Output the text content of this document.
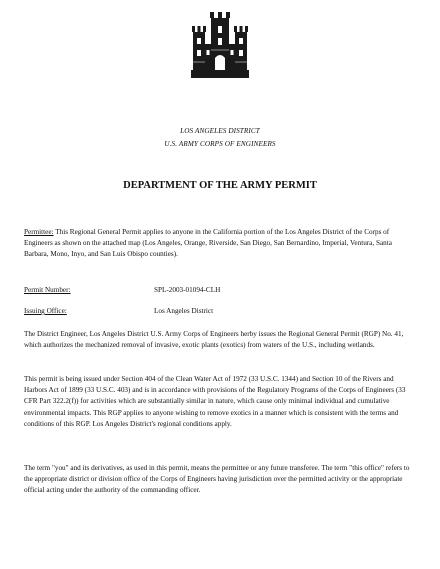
LOS ANGELES DISTRICT
U.S. ARMY CORPS OF ENGINEERS
DEPARTMENT OF THE ARMY PERMIT

Permittee: This Regional General Permit applies to anyone in the California portion of the Los Angeles District of the Corps of Engineers as shown on the attached map (Los Angeles, Orange, Riverside, San Diego, San Bernardino, Imperial, Ventura, Santa Barbara, Mono, Inyo, and San Luis Obispo counties).

Permit Number:	SPL-2003-01094-CLH
Issuing Office:	Los Angeles District

The District Engineer, Los Angeles District U.S. Army Corps of Engineers herby issues the Regional General Permit (RGP) No. 41, which authorizes the mechanized removal of invasive, exotic plants (exotics) from waters of the U.S., including wetlands.

This permit is being issued under Section 404 of the Clean Water Act of 1972 (33 U.S.C. 1344) and Section 10 of the Rivers and Harbors Act of 1899 (33 U.S.C. 403) and is in accordance with provisions of the Regulatory Programs of the Corps of Engineers (33 CFR Part 322.2(f)) for activities which are substantially similar in nature, which cause only minimal individual and cumulative environmental impacts. This RGP applies to anyone wishing to remove exotics in a manner which is consistent with the terms and conditions of this RGP. Los Angeles District's regional conditions apply.

The term "you" and its derivatives, as used in this permit, means the permittee or any future transferee. The term "this office" refers to the appropriate district or division office of the Corps of Engineers having jurisdiction over the permitted activity or the appropriate official acting under the authority of the commanding officer.
